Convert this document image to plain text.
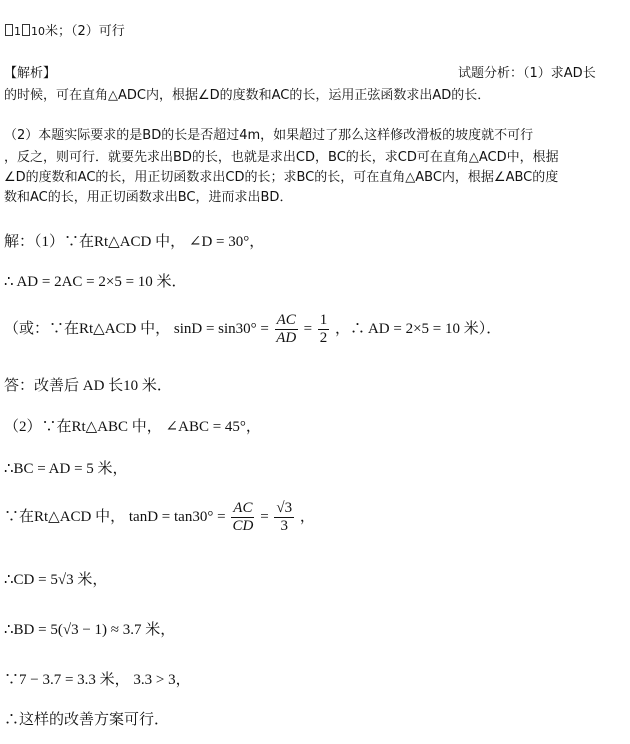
1 10米；（2）可行
【解析】	试题分析：（1）求AD长
的时候，可在直角△ADC内，根据∠D的度数和AC的长，运用正弦函数求出AD的长．
（2）本题实际要求的是BD的长是否超过4m，如果超过了那么这样修改滑板的坡度就不可行
，反之，则可行．就要先求出BD的长，也就是求出CD，BC的长，求CD可在直角△ACD中，根据
∠D的度数和AC的长，用正切函数求出CD的长；求BC的长，可在直角△ABC内，根据∠ABC的度
数和AC的长，用正切函数求出BC，进而求出BD．
解：（1）∵在Rt△ACD 中， ∠D = 30°，
∴ AD = 2AC = 2×5 = 10 米．
（或：∵在Rt△ACD 中， $\sin D = \sin 30^\circ = \frac{AC}{AD} = \frac{1}{2}$ ，∴ AD = 2×5 = 10 米）．
答：改善后 AD 长10 米．
（2）∵在Rt△ABC 中， ∠ABC = 45°，
∴BC = AD = 5 米，
∵在Rt△ACD 中， $\tan D = \tan 30^\circ = \frac{AC}{CD} = \frac{√3}{3}$ ，
∴CD = 5√3 米，
∴BD = 5(√3 − 1) ≈ 3.7 米，
∵7 − 3.7 = 3.3 米， 3.3 > 3，
∴这样的改善方案可行．
